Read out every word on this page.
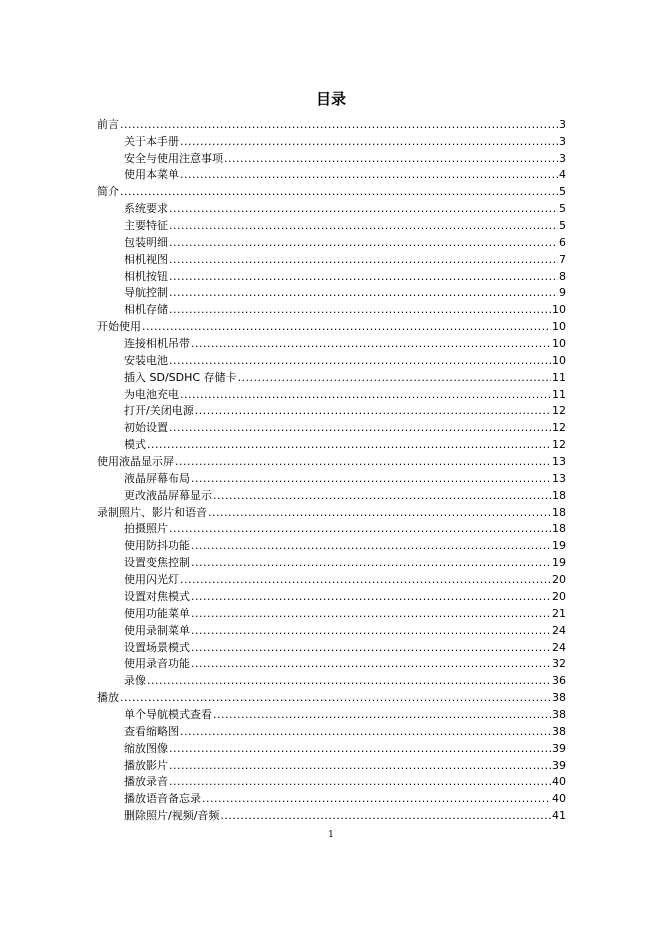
目录
前言 .....	3
关于本手册 .....	3
安全与使用注意事项 .....	3
使用本菜单 .....	4
简介 .....	5
系统要求 .....	5
主要特征 .....	5
包装明细 .....	6
相机视图 .....	7
相机按钮 .....	8
导航控制 .....	9
相机存储 .....	10
开始使用 .....	10
连接相机吊带 .....	10
安装电池 .....	10
插入 SD/SDHC 存储卡 .....	11
为电池充电 .....	11
打开/关闭电源 .....	12
初始设置 .....	12
模式 .....	12
使用液晶显示屏 .....	13
液晶屏幕布局 .....	13
更改液晶屏幕显示 .....	18
录制照片、影片和语音 .....	18
拍摄照片 .....	18
使用防抖功能 .....	19
设置变焦控制 .....	19
使用闪光灯 .....	20
设置对焦模式 .....	20
使用功能菜单 .....	21
使用录制菜单 .....	24
设置场景模式 .....	24
使用录音功能 .....	32
录像 .....	36
播放 .....	38
单个导航模式查看 .....	38
查看缩略图 .....	38
缩放图像 .....	39
播放影片 .....	39
播放录音 .....	40
播放语音备忘录 .....	40
删除照片/视频/音频 .....	41
1
